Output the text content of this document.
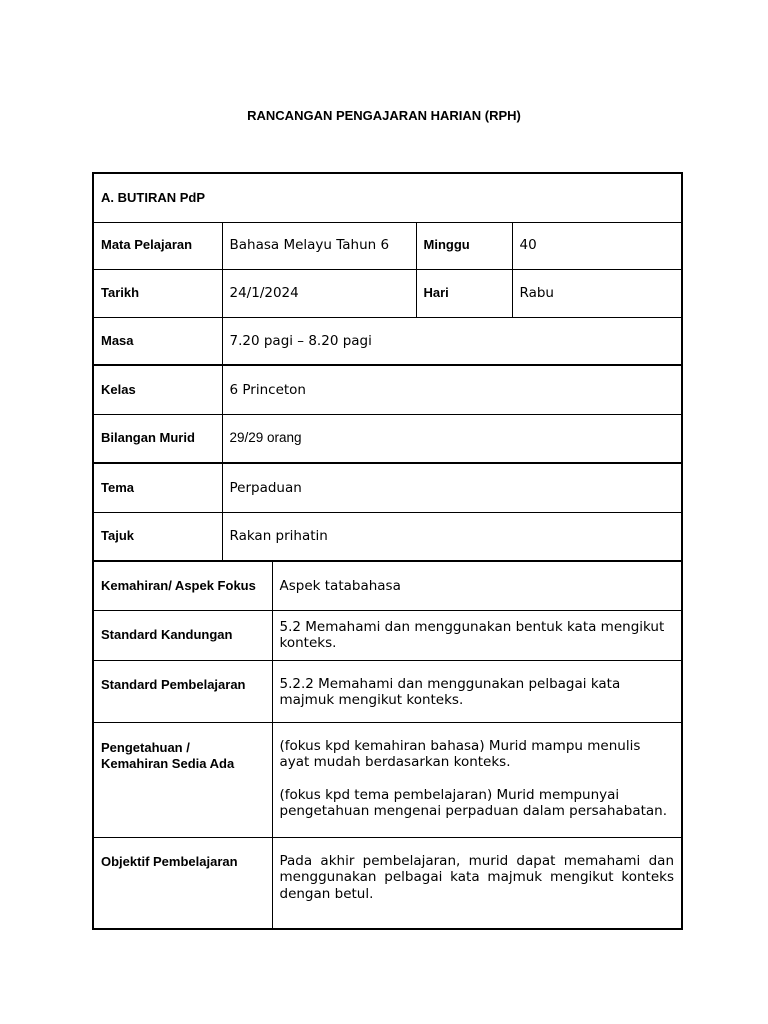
RANCANGAN PENGAJARAN HARIAN (RPH)
A. BUTIRAN PdP				
Mata Pelajaran	Bahasa Melayu Tahun 6		Minggu	40
Tarikh	24/1/2024		Hari	Rabu
Masa	7.20 pagi – 8.20 pagi			
Kelas	6 Princeton			
Bilangan Murid	29/29 orang			
Tema	Perpaduan			
Tajuk	Rakan prihatin			
Kemahiran/ Aspek Fokus		Aspek tatabahasa		
Standard Kandungan		5.2 Memahami dan menggunakan bentuk kata mengikut konteks.		
Standard Pembelajaran		5.2.2 Memahami dan menggunakan pelbagai kata majmuk mengikut konteks.		

Pengetahuan /
Kemahiran Sedia Ada		(fokus kpd kemahiran bahasa) Murid mampu menulis ayat mudah berdasarkan konteks.
(fokus kpd tema pembelajaran) Murid mempunyai pengetahuan mengenai perpaduan dalam persahabatan.		

Objektif Pembelajaran		Pada akhir pembelajaran, murid dapat memahami dan menggunakan pelbagai kata majmuk mengikut konteks dengan betul.		
